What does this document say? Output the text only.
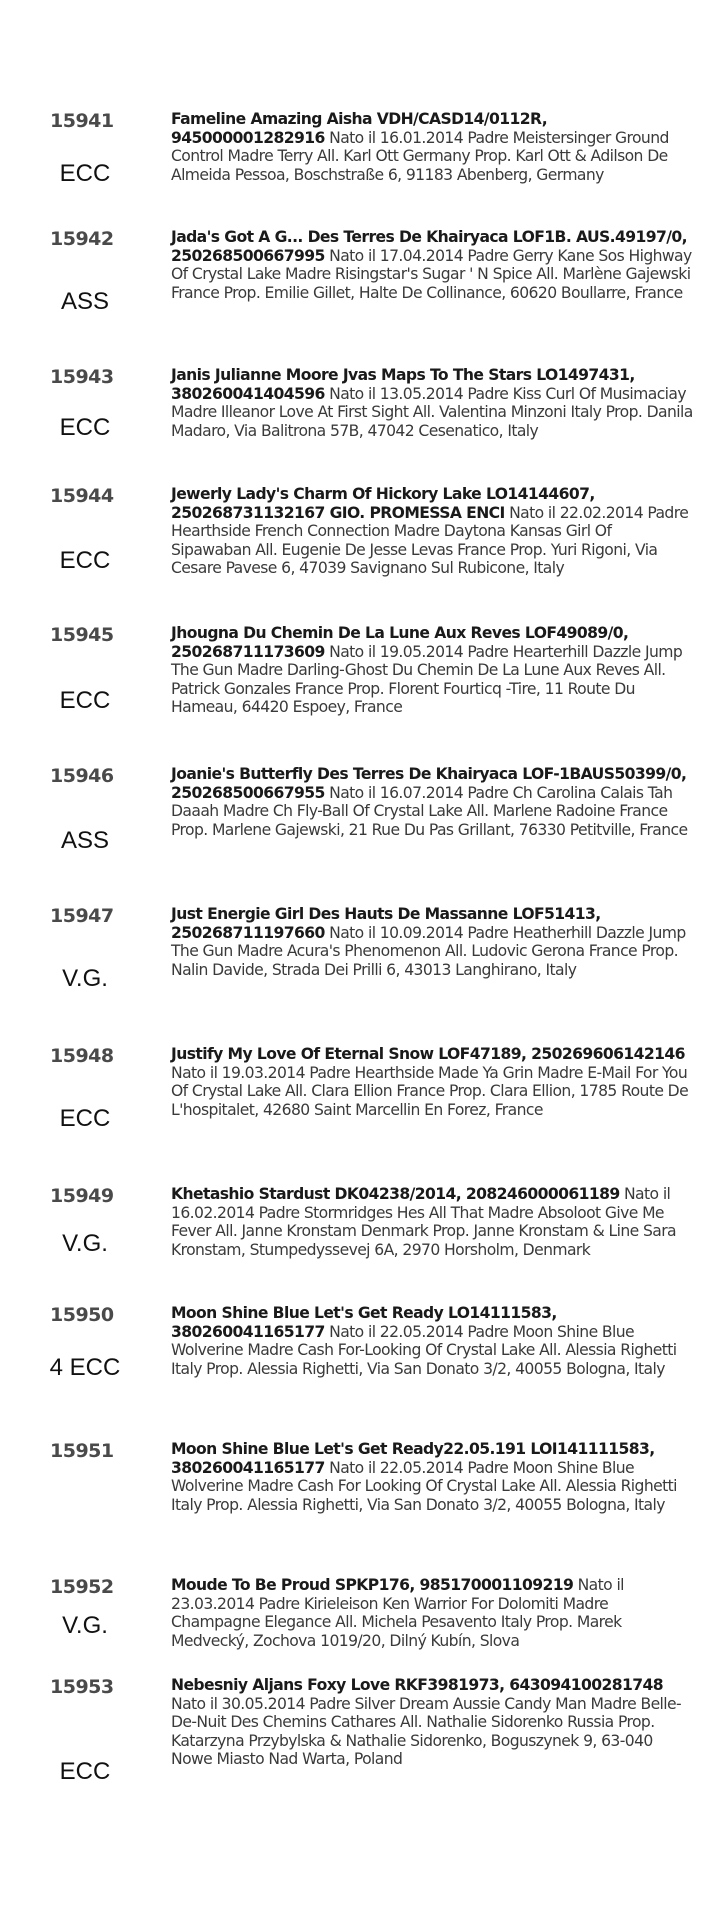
15941
ECC
Fameline Amazing Aisha VDH/CASD14/0112R, 945000001282916 Nato il 16.01.2014 Padre Meistersinger Ground Control Madre Terry All. Karl Ott Germany Prop. Karl Ott & Adilson De Almeida Pessoa, Boschstraße 6, 91183 Abenberg, Germany
15942
ASS
Jada's Got A G... Des Terres De Khairyaca LOF1B. AUS.49197/0, 250268500667995 Nato il 17.04.2014 Padre Gerry Kane Sos Highway Of Crystal Lake Madre Risingstar's Sugar ' N Spice All. Marlène Gajewski France Prop. Emilie Gillet, Halte De Collinance, 60620 Boullarre, France
15943
ECC
Janis Julianne Moore Jvas Maps To The Stars LO1497431, 380260041404596 Nato il 13.05.2014 Padre Kiss Curl Of Musimaciay Madre Illeanor Love At First Sight All. Valentina Minzoni Italy Prop. Danila Madaro, Via Balitrona 57B, 47042 Cesenatico, Italy
15944
ECC
Jewerly Lady's Charm Of Hickory Lake LO14144607, 250268731132167 GIO. PROMESSA ENCI Nato il 22.02.2014 Padre Hearthside French Connection Madre Daytona Kansas Girl Of Sipawaban All. Eugenie De Jesse Levas France Prop. Yuri Rigoni, Via Cesare Pavese 6, 47039 Savignano Sul Rubicone, Italy
15945
ECC
Jhougna Du Chemin De La Lune Aux Reves LOF49089/0, 250268711173609 Nato il 19.05.2014 Padre Hearterhill Dazzle Jump The Gun Madre Darling-Ghost Du Chemin De La Lune Aux Reves All. Patrick Gonzales France Prop. Florent Fourticq -Tire, 11 Route Du Hameau, 64420 Espoey, France
15946
ASS
Joanie's Butterfly Des Terres De Khairyaca LOF-1BAUS50399/0, 250268500667955 Nato il 16.07.2014 Padre Ch Carolina Calais Tah Daaah Madre Ch Fly-Ball Of Crystal Lake All. Marlene Radoine France Prop. Marlene Gajewski, 21 Rue Du Pas Grillant, 76330 Petitville, France
15947
V.G.
Just Energie Girl Des Hauts De Massanne LOF51413, 250268711197660 Nato il 10.09.2014 Padre Heatherhill Dazzle Jump The Gun Madre Acura's Phenomenon All. Ludovic Gerona France Prop. Nalin Davide, Strada Dei Prilli 6, 43013 Langhirano, Italy
15948
ECC
Justify My Love Of Eternal Snow LOF47189, 250269606142146 Nato il 19.03.2014 Padre Hearthside Made Ya Grin Madre E-Mail For You Of Crystal Lake All. Clara Ellion France Prop. Clara Ellion, 1785 Route De L'hospitalet, 42680 Saint Marcellin En Forez, France
15949
V.G.
Khetashio Stardust DK04238/2014, 208246000061189 Nato il 16.02.2014 Padre Stormridges Hes All That Madre Absoloot Give Me Fever All. Janne Kronstam Denmark Prop. Janne Kronstam & Line Sara Kronstam, Stumpedyssevej 6A, 2970 Horsholm, Denmark
15950
4 ECC
Moon Shine Blue Let's Get Ready LO14111583, 380260041165177 Nato il 22.05.2014 Padre Moon Shine Blue Wolverine Madre Cash For-Looking Of Crystal Lake All. Alessia Righetti Italy Prop. Alessia Righetti, Via San Donato 3/2, 40055 Bologna, Italy
15951	Moon Shine Blue Let's Get Ready22.05.191 LOI141111583, 380260041165177 Nato il 22.05.2014 Padre Moon Shine Blue Wolverine Madre Cash For Looking Of Crystal Lake All. Alessia Righetti Italy Prop. Alessia Righetti, Via San Donato 3/2, 40055 Bologna, Italy
15952
V.G.
Moude To Be Proud SPKP176, 985170001109219 Nato il 23.03.2014 Padre Kirieleison Ken Warrior For Dolomiti Madre Champagne Elegance All. Michela Pesavento Italy Prop. Marek Medvecký, Zochova 1019/20, Dilný Kubín, Slova
15953
ECC
Nebesniy Aljans Foxy Love RKF3981973, 643094100281748 Nato il 30.05.2014 Padre Silver Dream Aussie Candy Man Madre Belle-De-Nuit Des Chemins Cathares All. Nathalie Sidorenko Russia Prop. Katarzyna Przybylska & Nathalie Sidorenko, Boguszynek 9, 63-040 Nowe Miasto Nad Warta, Poland
